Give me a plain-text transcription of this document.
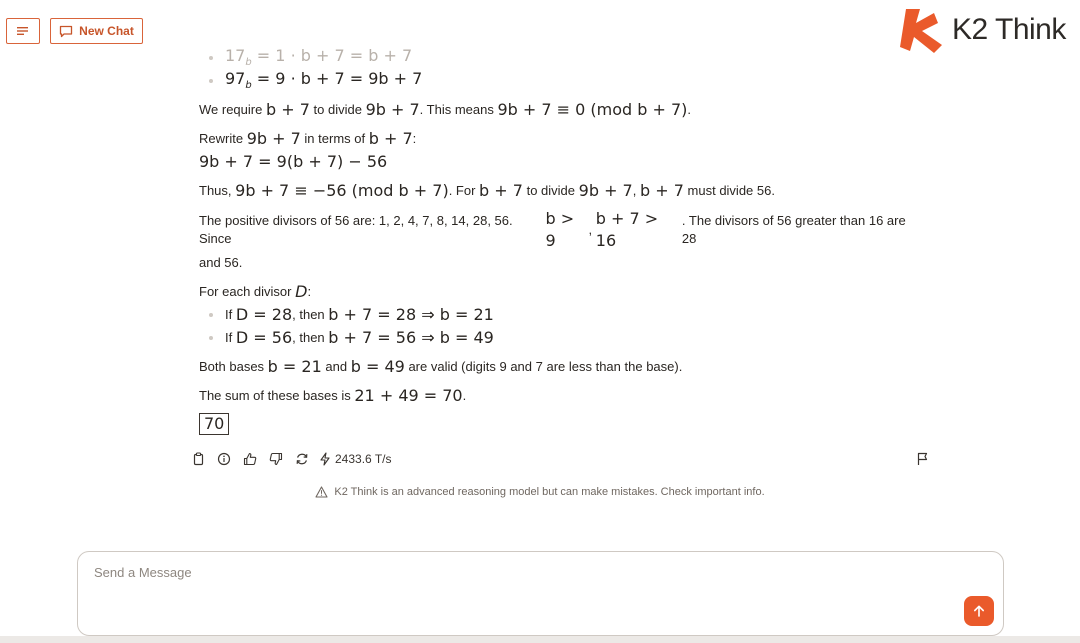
New Chat	K2 Think
$17_b = 1 \cdot b + 7 = b + 7$
$97_b = 9 \cdot b + 7 = 9b + 7$

We require
b + 7
to divide
9b + 7 . This means
9b + 7 ≡ 0 (mod b + 7) .

Rewrite
9b + 7
in terms of
b + 7 :

9b + 7 = 9(b + 7) − 56

Thus,
9b + 7 ≡ −56 (mod b + 7) . For
b + 7
to divide
9b + 7 ,
b + 7
must divide 56.

The positive divisors of 56 are: 1, 2, 4, 7, 8, 14, 28, 56. Since

b > 9
,

b + 7 > 16
. The divisors of 56 greater than 16 are 28
and 56.

For each divisor
D :

If
D = 28 , then
b + 7 = 28 ⇒ b = 21
If
D = 56 , then
b + 7 = 56 ⇒ b = 49

Both bases
b = 21
and
b = 49
are valid (digits 9 and 7 are less than the base).

The sum of these bases is
21 + 49 = 70 .

70

2433.6 T/s
K2 Think is an advanced reasoning model but can make mistakes. Check important info.
Send a Message
